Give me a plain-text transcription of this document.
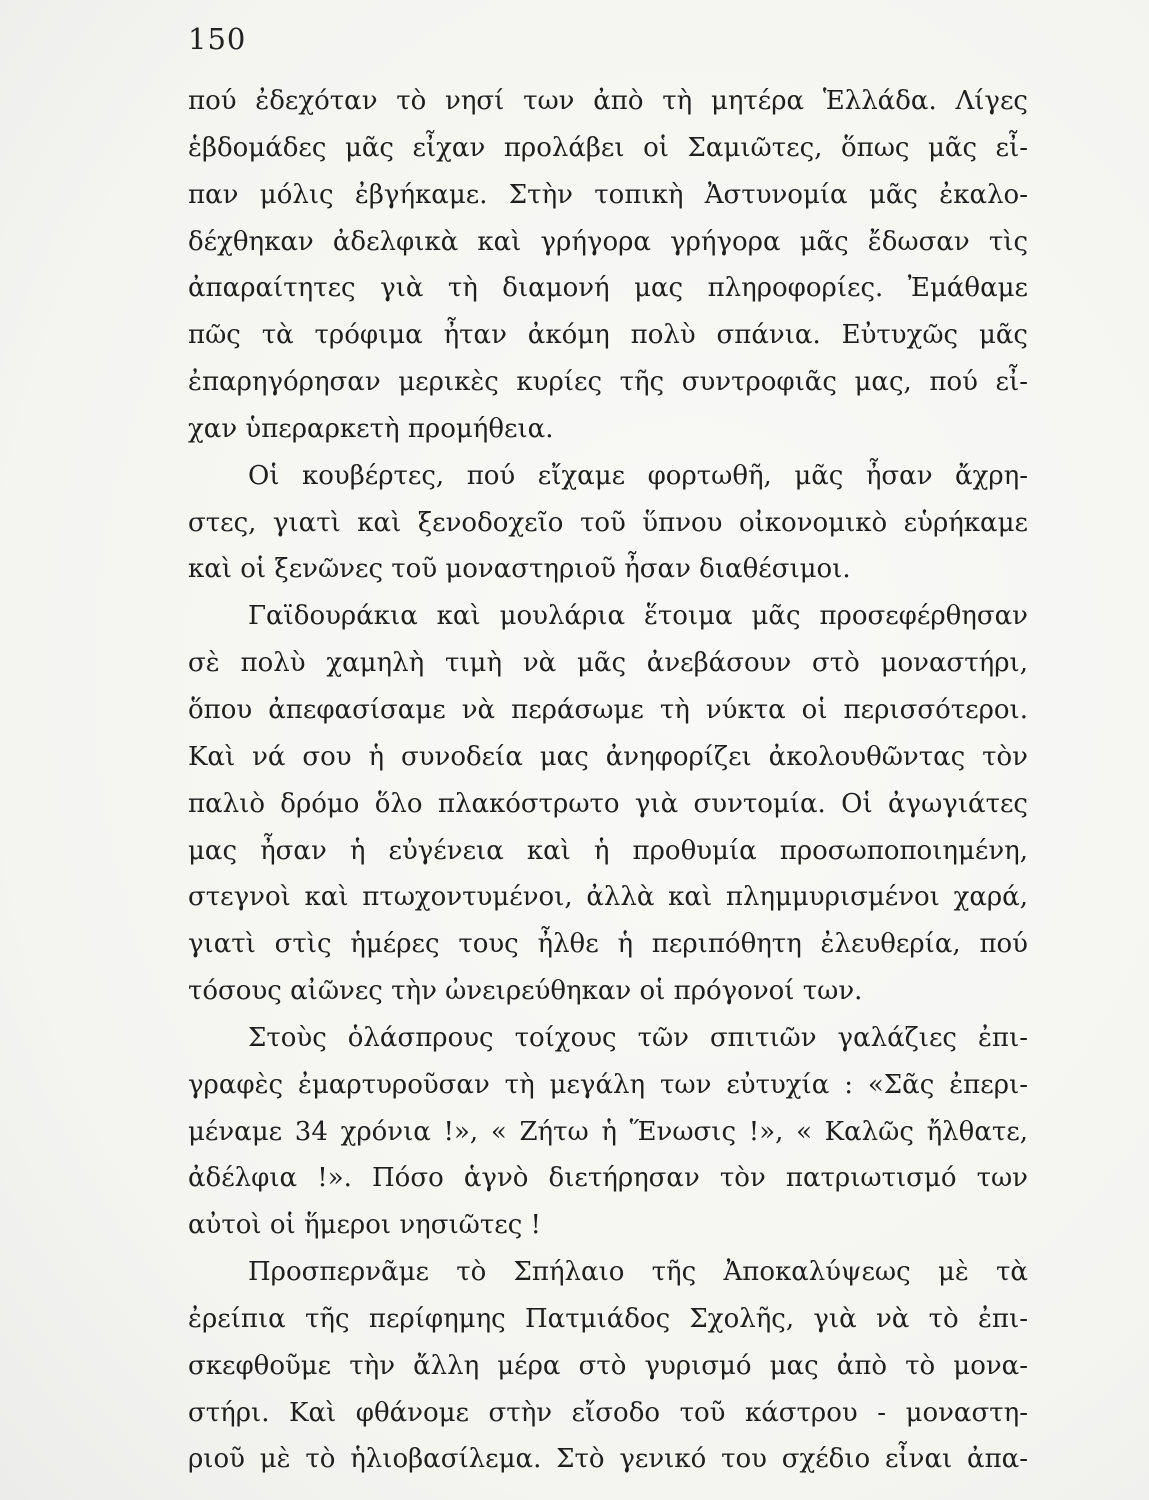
150
πού ἐδεχόταν τὸ νησί των ἀπὸ τὴ μητέρα Ἑλλάδα. Λίγες
ἑβδομάδες μᾶς εἶχαν προλάβει οἱ Σαμιῶτες, ὅπως μᾶς εἶ-
παν μόλις ἐβγήκαμε. Στὴν τοπικὴ Ἀστυνομία μᾶς ἐκαλο-
δέχθηκαν ἀδελφικὰ καὶ γρήγορα γρήγορα μᾶς ἔδωσαν τὶς
ἀπαραίτητες γιὰ τὴ διαμονή μας πληροφορίες. Ἐμάθαμε
πῶς τὰ τρόφιμα ἦταν ἀκόμη πολὺ σπάνια. Εὐτυχῶς μᾶς
ἐπαρηγόρησαν μερικὲς κυρίες τῆς συντροφιᾶς μας, πού εἶ-
χαν ὑπεραρκετὴ προμήθεια.
Οἱ κουβέρτες, πού εἴχαμε φορτωθῆ, μᾶς ἦσαν ἄχρη-
στες, γιατὶ καὶ ξενοδοχεῖο τοῦ ὕπνου οἰκονομικὸ εὑρήκαμε
καὶ οἱ ξενῶνες τοῦ μοναστηριοῦ ἦσαν διαθέσιμοι.
Γαϊδουράκια καὶ μουλάρια ἕτοιμα μᾶς προσεφέρθησαν
σὲ πολὺ χαμηλὴ τιμὴ νὰ μᾶς ἀνεβάσουν στὸ μοναστήρι,
ὅπου ἀπεφασίσαμε νὰ περάσωμε τὴ νύκτα οἱ περισσότεροι.
Καὶ νά σου ἡ συνοδεία μας ἀνηφορίζει ἀκολουθῶντας τὸν
παλιὸ δρόμο ὅλο πλακόστρωτο γιὰ συντομία. Οἱ ἀγωγιάτες
μας ἦσαν ἡ εὐγένεια καὶ ἡ προθυμία προσωποποιημένη,
στεγνοὶ καὶ πτωχοντυμένοι, ἀλλὰ καὶ πλημμυρισμένοι χαρά,
γιατὶ στὶς ἡμέρες τους ἦλθε ἡ περιπόθητη ἐλευθερία, πού
τόσους αἰῶνες τὴν ὠνειρεύθηκαν οἱ πρόγονοί των.
Στοὺς ὁλάσπρους τοίχους τῶν σπιτιῶν γαλάζιες ἐπι-
γραφὲς ἐμαρτυροῦσαν τὴ μεγάλη των εὐτυχία : «Σᾶς ἐπερι-
μέναμε 34 χρόνια !», « Ζήτω ἡ Ἕνωσις !», « Καλῶς ἤλθατε,
ἀδέλφια !». Πόσο ἁγνὸ διετήρησαν τὸν πατριωτισμό των
αὐτοὶ οἱ ἥμεροι νησιῶτες !
Προσπερνᾶμε τὸ Σπήλαιο τῆς Ἀποκαλύψεως μὲ τὰ
ἐρείπια τῆς περίφημης Πατμιάδος Σχολῆς, γιὰ νὰ τὸ ἐπι-
σκεφθοῦμε τὴν ἄλλη μέρα στὸ γυρισμό μας ἀπὸ τὸ μονα-
στήρι. Καὶ φθάνομε στὴν εἴσοδο τοῦ κάστρου - μοναστη-
ριοῦ μὲ τὸ ἡλιοβασίλεμα. Στὸ γενικό του σχέδιο εἶναι ἀπα-
